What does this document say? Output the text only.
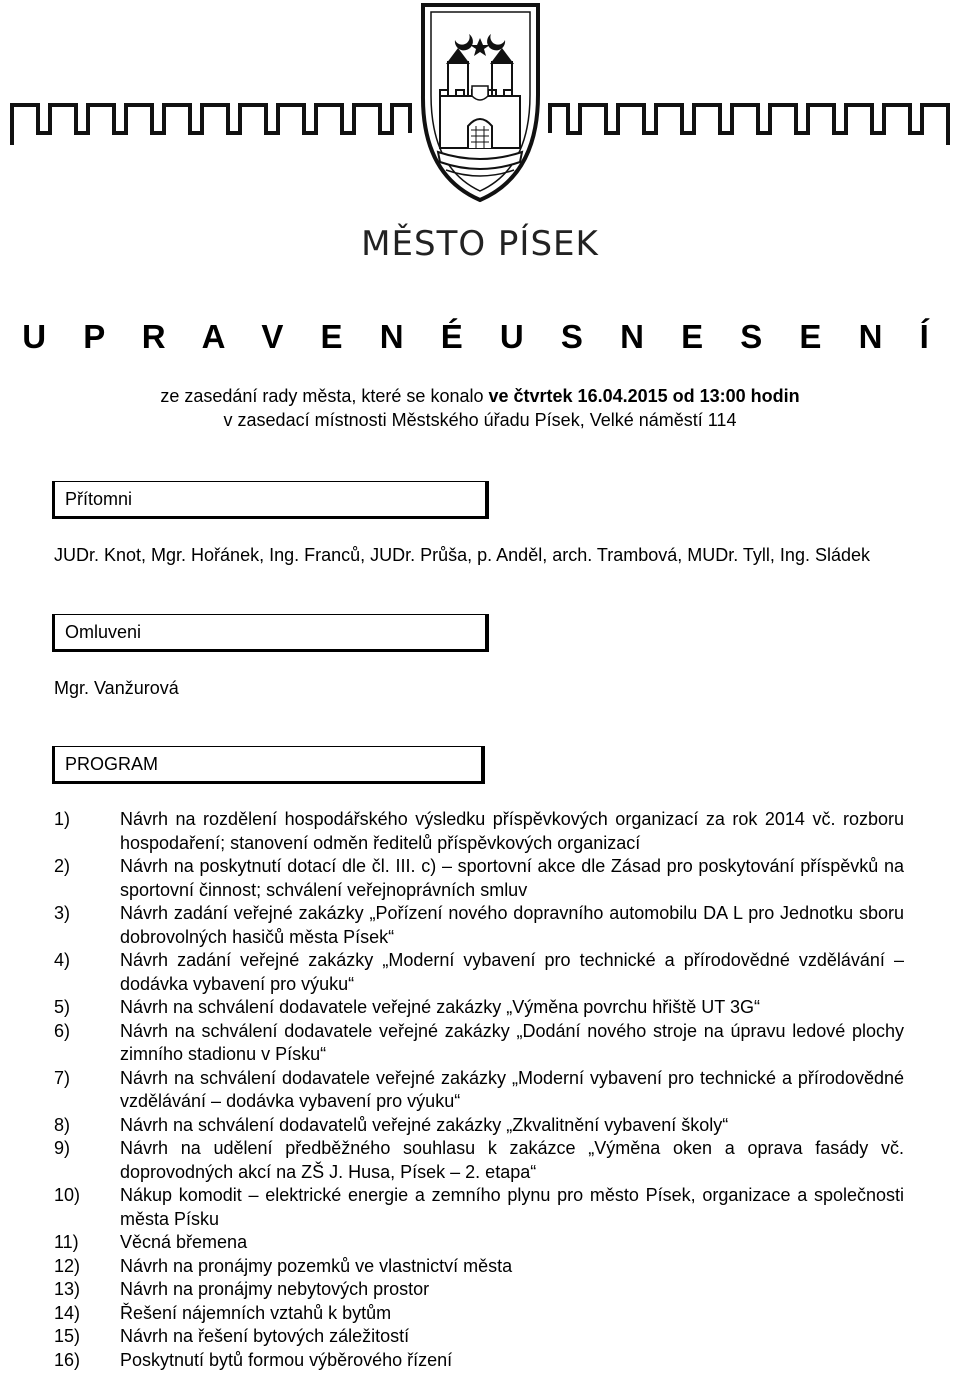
MĚSTO PÍSEK
U P R A V E N É U S N E S E N Í
ze zasedání rady města, které se konalo ve čtvrtek 16.04.2015 od 13:00 hodin
v zasedací místnosti Městského úřadu Písek, Velké náměstí 114
Přítomni
JUDr. Knot, Mgr. Hořánek, Ing. Franců, JUDr. Průša, p. Anděl, arch. Trambová, MUDr. Tyll, Ing. Sládek
Omluveni
Mgr. Vanžurová
PROGRAM
1)	Návrh na rozdělení hospodářského výsledku příspěvkových organizací za rok 2014 vč. rozboru hospodaření; stanovení odměn ředitelů příspěvkových organizací
2)	Návrh na poskytnutí dotací dle čl. III. c) – sportovní akce dle Zásad pro poskytování příspěvků na sportovní činnost; schválení veřejnoprávních smluv
3)	Návrh zadání veřejné zakázky „Pořízení nového dopravního automobilu DA L pro Jednotku sboru dobrovolných hasičů města Písek“
4)	Návrh zadání veřejné zakázky „Moderní vybavení pro technické a přírodovědné vzdělávání – dodávka vybavení pro výuku“
5)	Návrh na schválení dodavatele veřejné zakázky „Výměna povrchu hřiště UT 3G“
6)	Návrh na schválení dodavatele veřejné zakázky „Dodání nového stroje na úpravu ledové plochy zimního stadionu v Písku“
7)	Návrh na schválení dodavatele veřejné zakázky „Moderní vybavení pro technické a přírodovědné vzdělávání – dodávka vybavení pro výuku“
8)	Návrh na schválení dodavatelů veřejné zakázky „Zkvalitnění vybavení školy“
9)	Návrh na udělení předběžného souhlasu k zakázce „Výměna oken a oprava fasády vč. doprovodných akcí na ZŠ J. Husa, Písek – 2. etapa“
10) Nákup komodit – elektrické energie a zemního plynu pro město Písek, organizace a společnosti města Písku
11) Věcná břemena
12) Návrh na pronájmy pozemků ve vlastnictví města
13) Návrh na pronájmy nebytových prostor
14) Řešení nájemních vztahů k bytům
15) Návrh na řešení bytových záležitostí
16) Poskytnutí bytů formou výběrového řízení
